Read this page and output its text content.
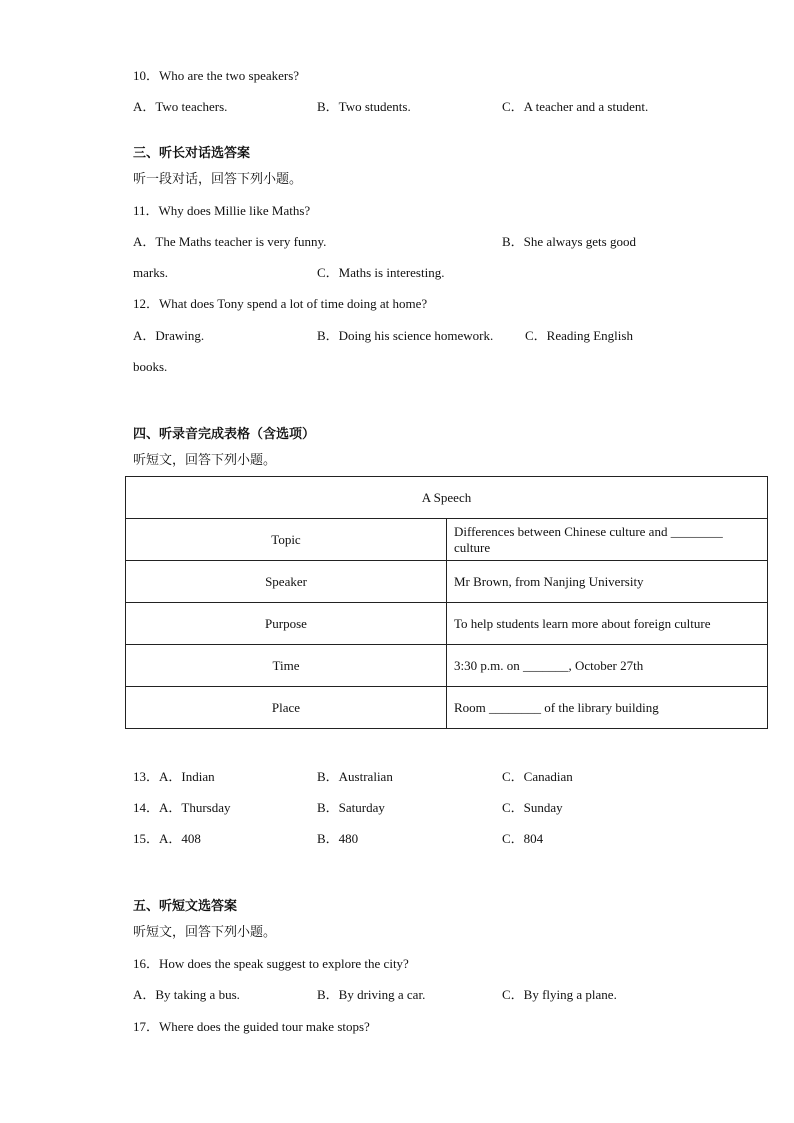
10．Who are the two speakers?
A．Two teachers.	B．Two students.	C．A teacher and a student.
三、听长对话选答案
听一段对话，回答下列小题。
11．Why does Millie like Maths?
A．The Maths teacher is very funny.	B．She always gets good
marks.	C．Maths is interesting.
12．What does Tony spend a lot of time doing at home?
A．Drawing.	B．Doing his science homework. C．Reading English
books.
四、听录音完成表格（含选项）
听短文，回答下列小题。
A Speech	
Topic	Differences between Chinese culture and ________ culture
Speaker	Mr Brown, from Nanjing University
Purpose	To help students learn more about foreign culture
Time	3:30 p.m. on _______, October 27th
Place	Room ________ of the library building
13．A．Indian	B．Australian	C．Canadian
14．A．Thursday	B．Saturday	C．Sunday
15．A．408	B．480	C．804
五、听短文选答案
听短文，回答下列小题。
16．How does the speak suggest to explore the city?
A．By taking a bus.	B．By driving a car.	C．By flying a plane.
17．Where does the guided tour make stops?
